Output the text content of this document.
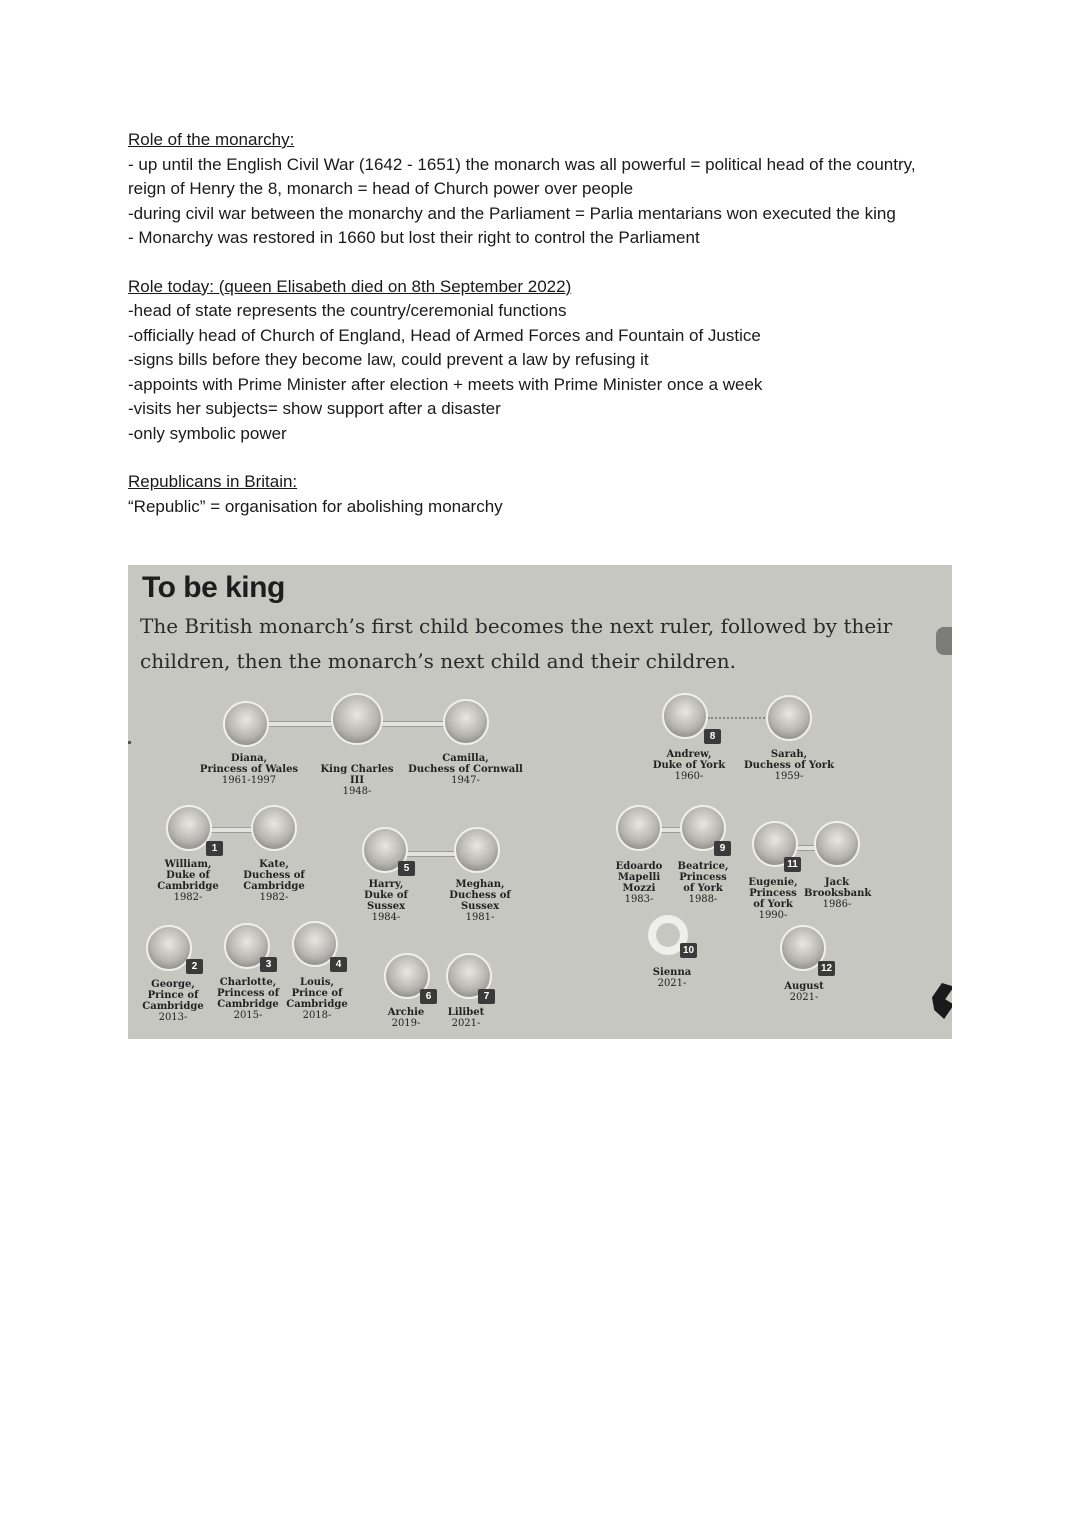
Role of the monarchy:

- up until the English Civil War (1642 - 1651) the monarch was all powerful = political head of the country, reign of Henry the 8, monarch = head of Church power over people

-during civil war between the monarchy and the Parliament = Parlia mentarians won executed the king

- Monarchy was restored in 1660 but lost their right to control the Parliament

Role today: (queen Elisabeth died on 8th September 2022)

-head of state represents the country/ceremonial functions

-officially head of Church of England, Head of Armed Forces and Fountain of Justice

-signs bills before they become law, could prevent a law by refusing it

-appoints with Prime Minister after election + meets with Prime Minister once a week

-visits her subjects= show support after a disaster

-only symbolic power

Republicans in Britain:

“Republic” = organisation for abolishing monarchy

To be king
The British monarch’s first child becomes the next ruler, followed by their children, then the monarch’s next child and their children.
Diana,
Princess of Wales
1961-1997
King Charles III
1948-
Camilla,
Duchess of Cornwall
1947-
8
Andrew,
Duke of York
1960-
Sarah,
Duchess of York
1959-
1
William,
Duke of
Cambridge
1982-
Kate,
Duchess of
Cambridge
1982-
5
Harry,
Duke of
Sussex
1984-
Meghan,
Duchess of
Sussex
1981-
9
Edoardo
Mapelli
Mozzi
1983-
Beatrice,
Princess
of York
1988-
11
Eugenie,
Princess
of York
1990-
Jack
Brooksbank
1986-
2	3	4
George,
Prince of
Cambridge
2013-
Charlotte,
Princess of
Cambridge
2015-
Louis,
Prince of
Cambridge
2018-
6	7
Archie
2019-
Lilibet
2021-
10
Sienna
2021-
12
August
2021-
